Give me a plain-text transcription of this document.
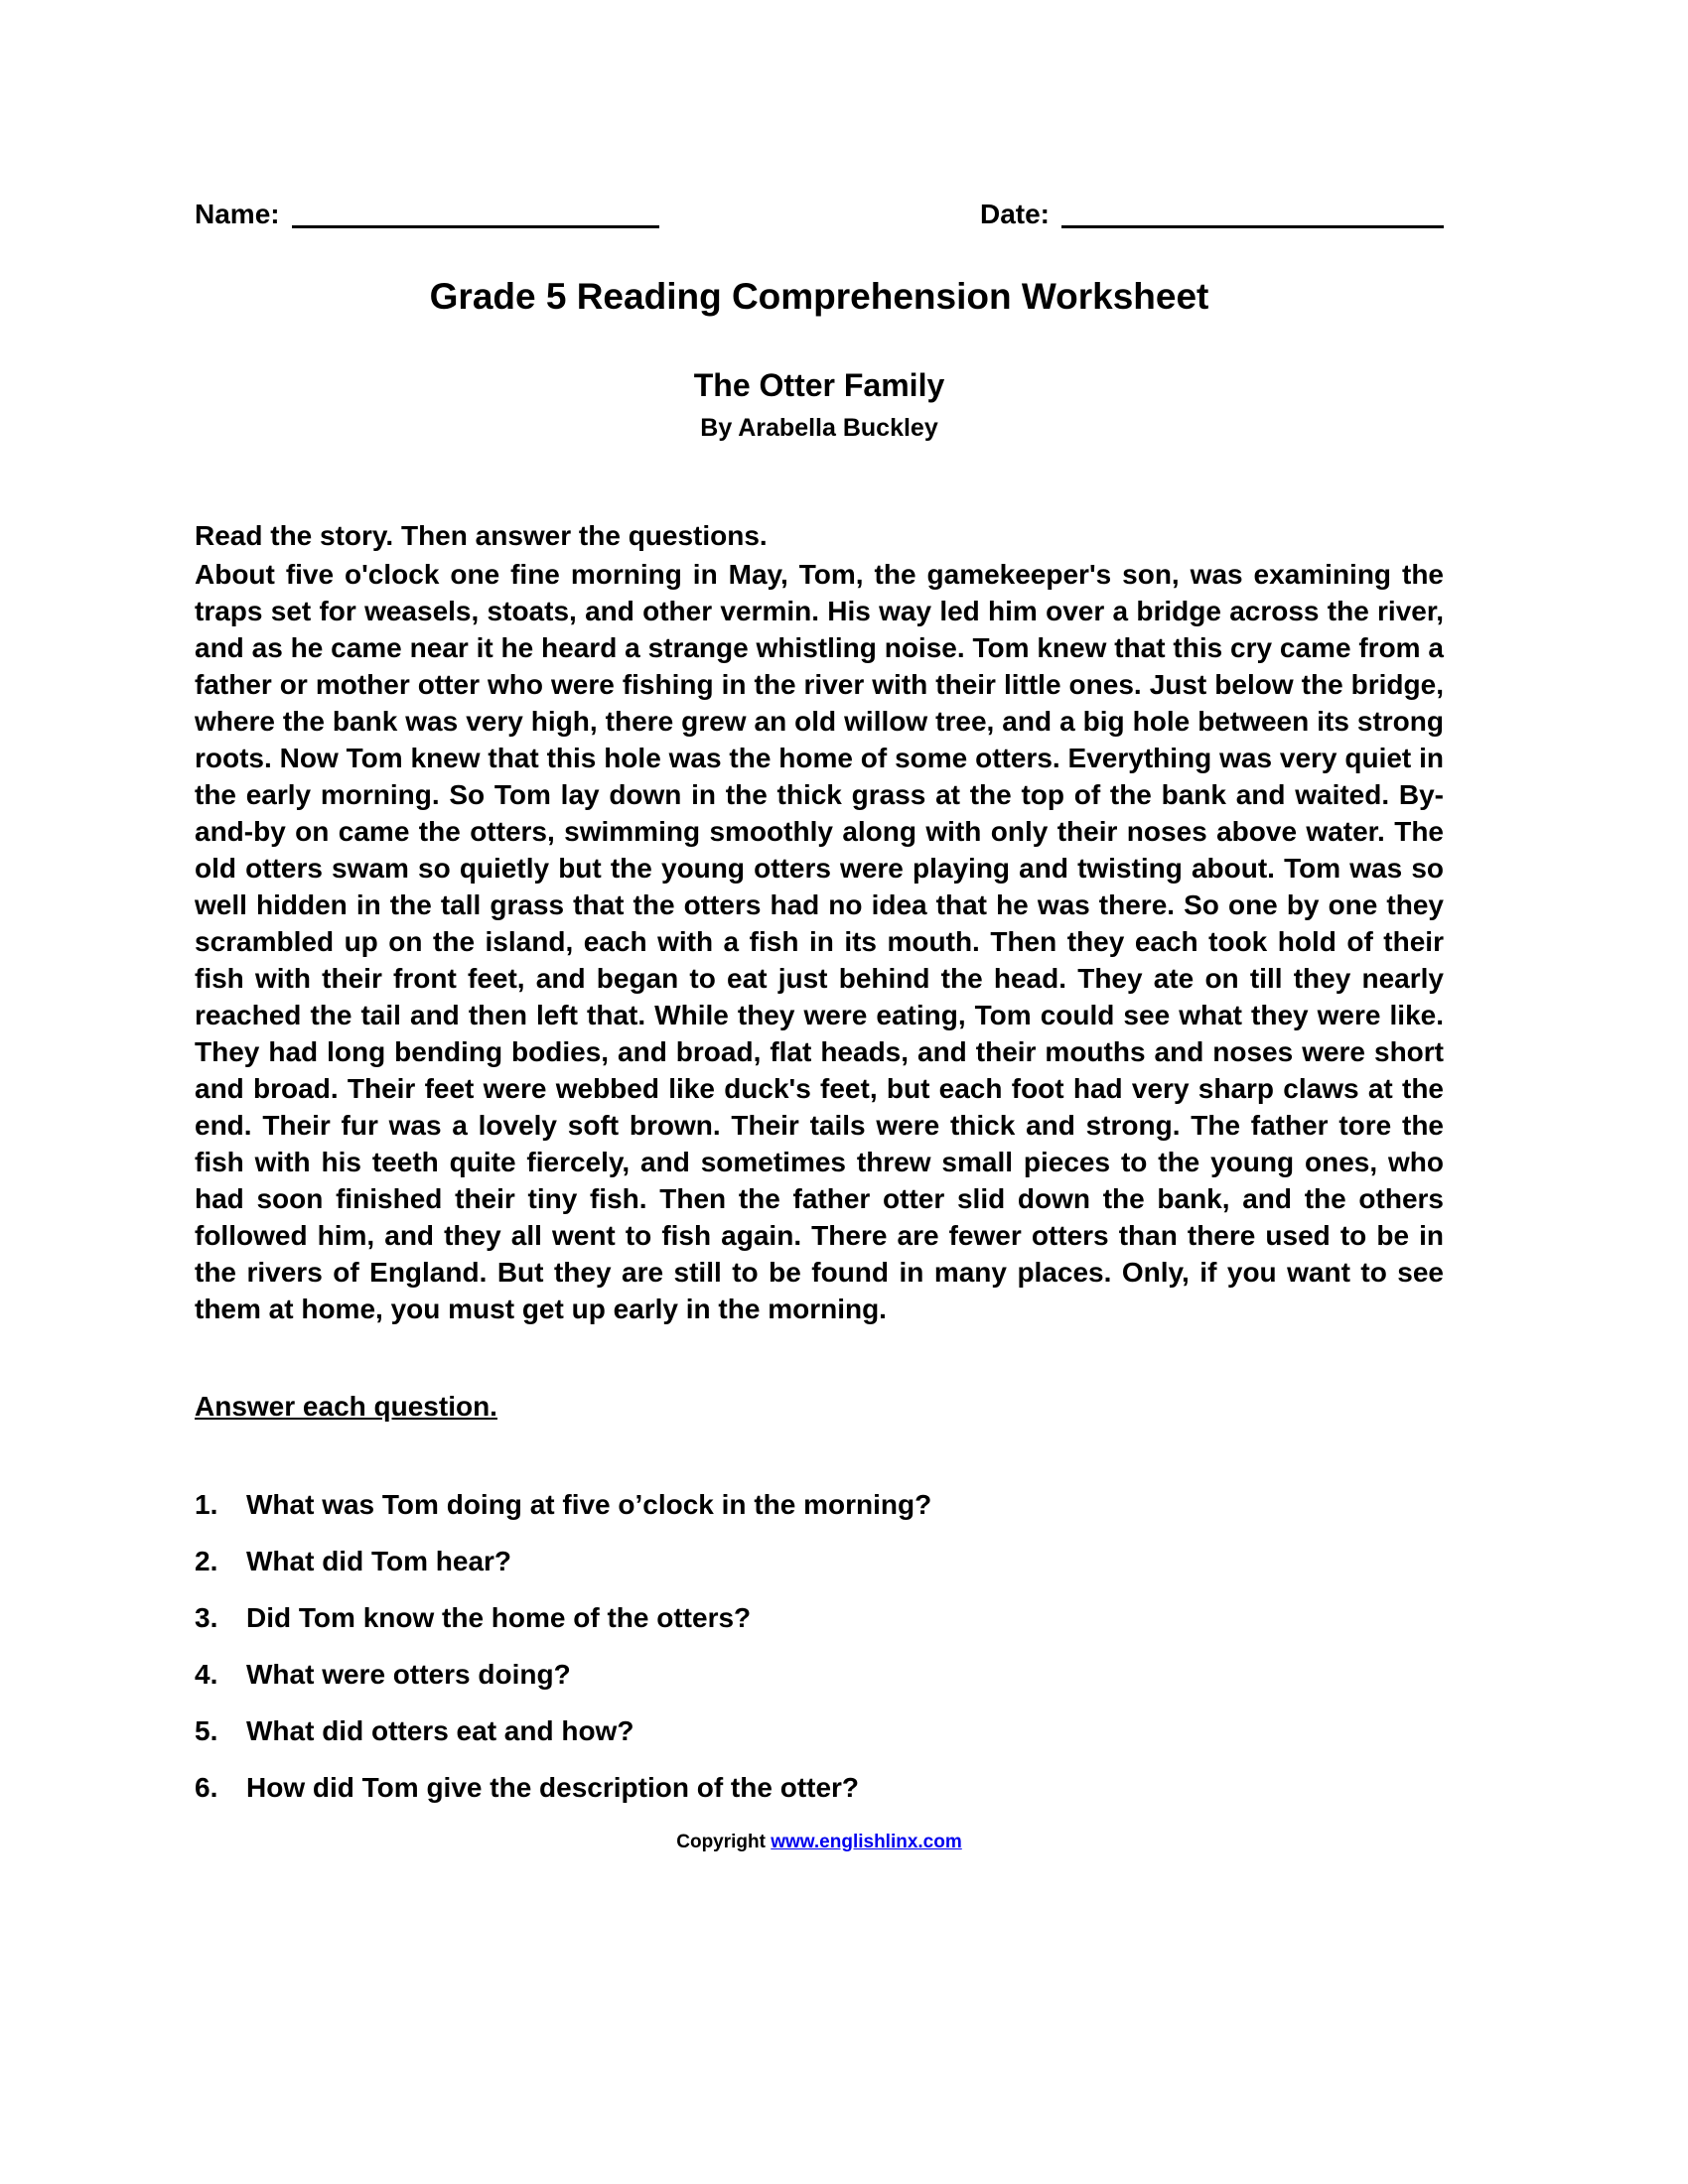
Name:	Date:
Grade 5 Reading Comprehension Worksheet
The Otter Family
By Arabella Buckley
Read the story. Then answer the questions.
About five o'clock one fine morning in May, Tom, the gamekeeper's son, was examining the traps set for weasels, stoats, and other vermin. His way led him over a bridge across the river, and as he came near it he heard a strange whistling noise. Tom knew that this cry came from a father or mother otter who were fishing in the river with their little ones. Just below the bridge, where the bank was very high, there grew an old willow tree, and a big hole between its strong roots. Now Tom knew that this hole was the home of some otters. Everything was very quiet in the early morning. So Tom lay down in the thick grass at the top of the bank and waited. By-and-by on came the otters, swimming smoothly along with only their noses above water. The old otters swam so quietly but the young otters were playing and twisting about. Tom was so well hidden in the tall grass that the otters had no idea that he was there. So one by one they scrambled up on the island, each with a fish in its mouth. Then they each took hold of their fish with their front feet, and began to eat just behind the head. They ate on till they nearly reached the tail and then left that. While they were eating, Tom could see what they were like. They had long bending bodies, and broad, flat heads, and their mouths and noses were short and broad. Their feet were webbed like duck's feet, but each foot had very sharp claws at the end. Their fur was a lovely soft brown. Their tails were thick and strong. The father tore the fish with his teeth quite fiercely, and sometimes threw small pieces to the young ones, who had soon finished their tiny fish. Then the father otter slid down the bank, and the others followed him, and they all went to fish again. There are fewer otters than there used to be in the rivers of England. But they are still to be found in many places. Only, if you want to see them at home, you must get up early in the morning.
Answer each question.
1.	What was Tom doing at five o’clock in the morning?
2.	What did Tom hear?
3.	Did Tom know the home of the otters?
4.	What were otters doing?
5.	What did otters eat and how?
6.	How did Tom give the description of the otter?
Copyright www.englishlinx.com
